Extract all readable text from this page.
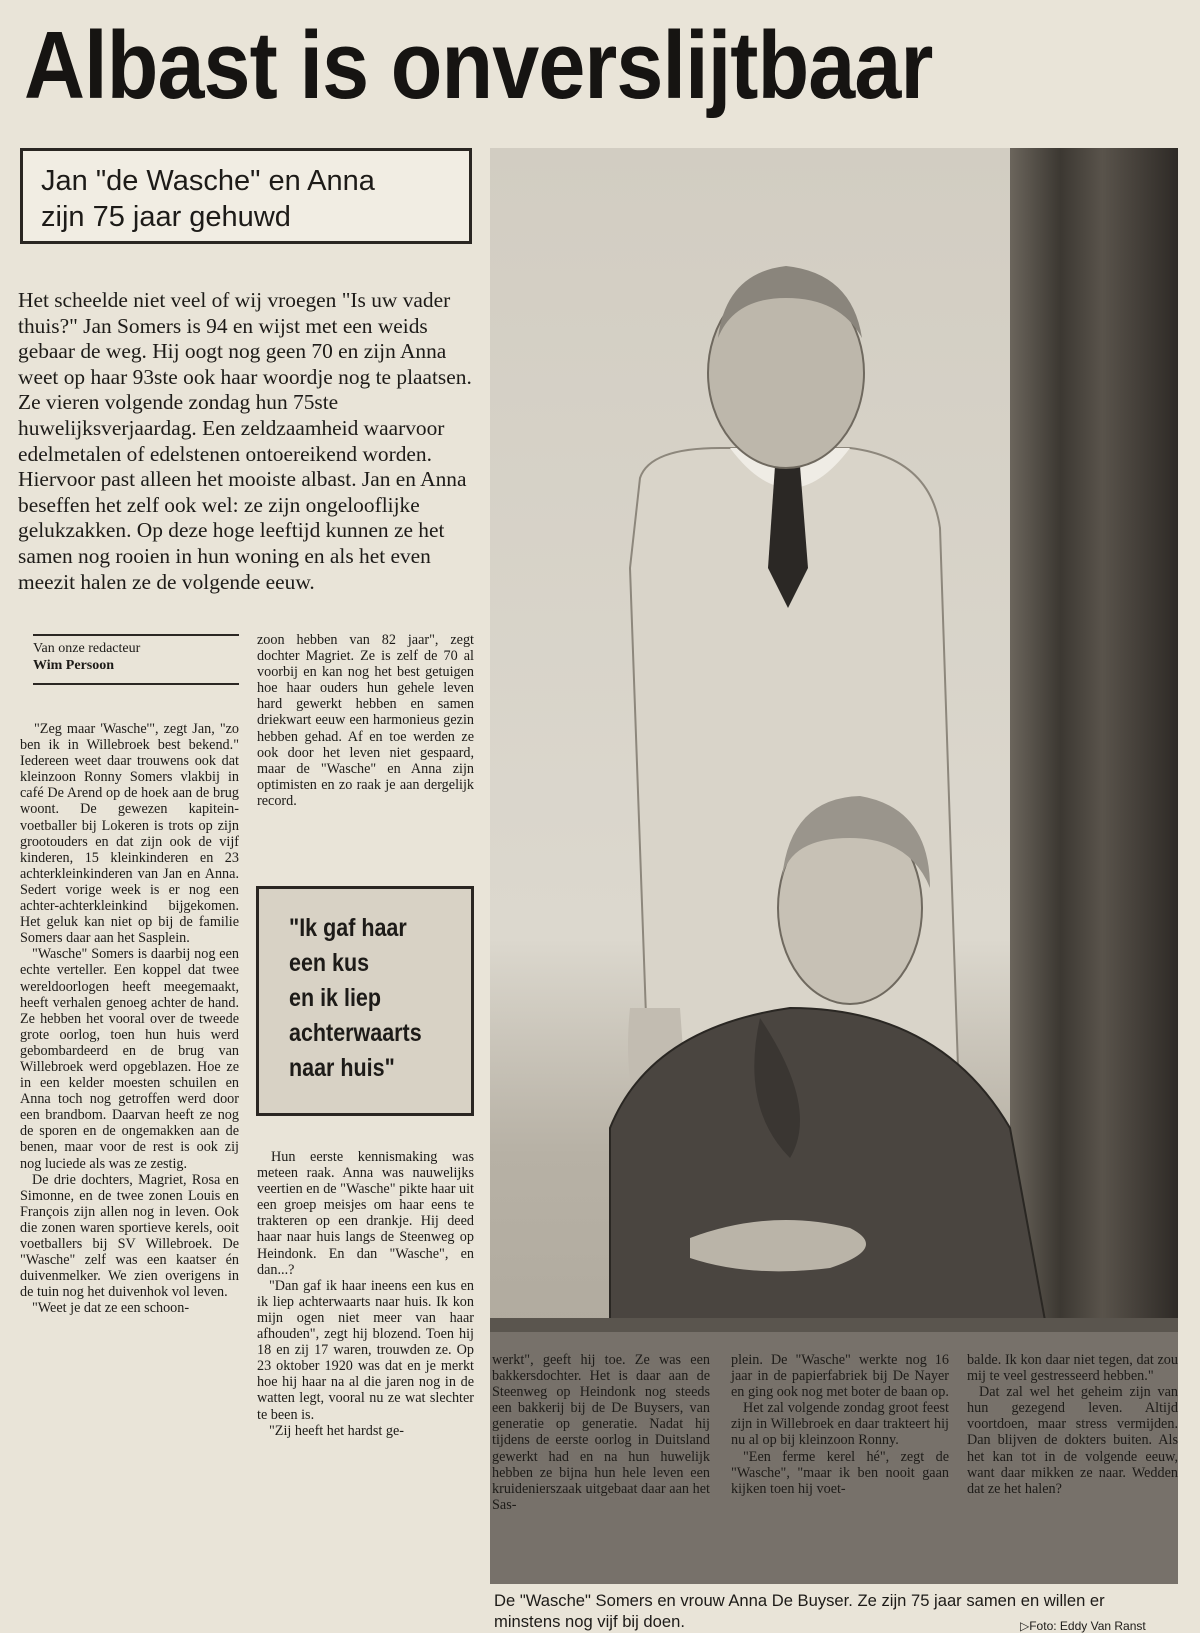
Albast is onverslijtbaar
Jan "de Wasche" en Anna
zijn 75 jaar gehuwd
Het scheelde niet veel of wij vroegen "Is uw vader thuis?" Jan Somers is 94 en wijst met een weids gebaar de weg. Hij oogt nog geen 70 en zijn Anna weet op haar 93ste ook haar woordje nog te plaatsen. Ze vieren volgende zondag hun 75ste huwelijksverjaardag. Een zeldzaamheid waarvoor edelmetalen of edelstenen ontoereikend worden. Hiervoor past alleen het mooiste albast. Jan en Anna beseffen het zelf ook wel: ze zijn ongelooflijke gelukzakken. Op deze hoge leeftijd kunnen ze het samen nog rooien in hun woning en als het even meezit halen ze de volgende eeuw.
Van onze redacteur
Wim Persoon

"Zeg maar 'Wasche'", zegt Jan, "zo ben ik in Willebroek best bekend." Iedereen weet daar trouwens ook dat kleinzoon Ronny Somers vlakbij in café De Arend op de hoek aan de brug woont. De gewezen kapitein-voetballer bij Lokeren is trots op zijn grootouders en dat zijn ook de vijf kinderen, 15 kleinkinderen en 23 achterkleinkinderen van Jan en Anna. Sedert vorige week is er nog een achter-achterkleinkind bijgekomen. Het geluk kan niet op bij de familie Somers daar aan het Sasplein.

"Wasche" Somers is daarbij nog een echte verteller. Een koppel dat twee wereldoorlogen heeft meegemaakt, heeft verhalen genoeg achter de hand. Ze hebben het vooral over de tweede grote oorlog, toen hun huis werd gebombardeerd en de brug van Willebroek werd opgeblazen. Hoe ze in een kelder moesten schuilen en Anna toch nog getroffen werd door een brandbom. Daarvan heeft ze nog de sporen en de ongemakken aan de benen, maar voor de rest is ook zij nog luciede als was ze zestig.

De drie dochters, Magriet, Rosa en Simonne, en de twee zonen Louis en François zijn allen nog in leven. Ook die zonen waren sportieve kerels, ooit voetballers bij SV Willebroek. De "Wasche" zelf was een kaatser én duivenmelker. We zien overigens in de tuin nog het duivenhok vol leven.

"Weet je dat ze een schoon-

zoon hebben van 82 jaar", zegt dochter Magriet. Ze is zelf de 70 al voorbij en kan nog het best getuigen hoe haar ouders hun gehele leven hard gewerkt hebben en samen driekwart eeuw een harmonieus gezin hebben gehad. Af en toe werden ze ook door het leven niet gespaard, maar de "Wasche" en Anna zijn optimisten en zo raak je aan dergelijk record.

"Ik gaf haar
een kus
en ik liep
achterwaarts
naar huis"

Hun eerste kennismaking was meteen raak. Anna was nauwelijks veertien en de "Wasche" pikte haar uit een groep meisjes om haar eens te trakteren op een drankje. Hij deed haar naar huis langs de Steenweg op Heindonk. En dan "Wasche", en dan...?

"Dan gaf ik haar ineens een kus en ik liep achterwaarts naar huis. Ik kon mijn ogen niet meer van haar afhouden", zegt hij blozend. Toen hij 18 en zij 17 waren, trouwden ze. Op 23 oktober 1920 was dat en je merkt hoe hij haar na al die jaren nog in de watten legt, vooral nu ze wat slechter te been is.

"Zij heeft het hardst ge-

De "Wasche" Somers en vrouw Anna De Buyser. Ze zijn 75 jaar samen en willen er minstens nog vijf bij doen.	▷Foto: Eddy Van Ranst

werkt", geeft hij toe. Ze was een bakkersdochter. Het is daar aan de Steenweg op Heindonk nog steeds een bakkerij bij de De Buysers, van generatie op generatie. Nadat hij tijdens de eerste oorlog in Duitsland gewerkt had en na hun huwelijk hebben ze bijna hun hele leven een kruidenierszaak uitgebaat daar aan het Sas-

plein. De "Wasche" werkte nog 16 jaar in de papierfabriek bij De Nayer en ging ook nog met boter de baan op.

Het zal volgende zondag groot feest zijn in Willebroek en daar trakteert hij nu al op bij kleinzoon Ronny.

"Een ferme kerel hé", zegt de "Wasche", "maar ik ben nooit gaan kijken toen hij voet-

balde. Ik kon daar niet tegen, dat zou mij te veel gestresseerd hebben."

Dat zal wel het geheim zijn van hun gezegend leven. Altijd voortdoen, maar stress vermijden. Dan blijven de dokters buiten. Als het kan tot in de volgende eeuw, want daar mikken ze naar. Wedden dat ze het halen?
